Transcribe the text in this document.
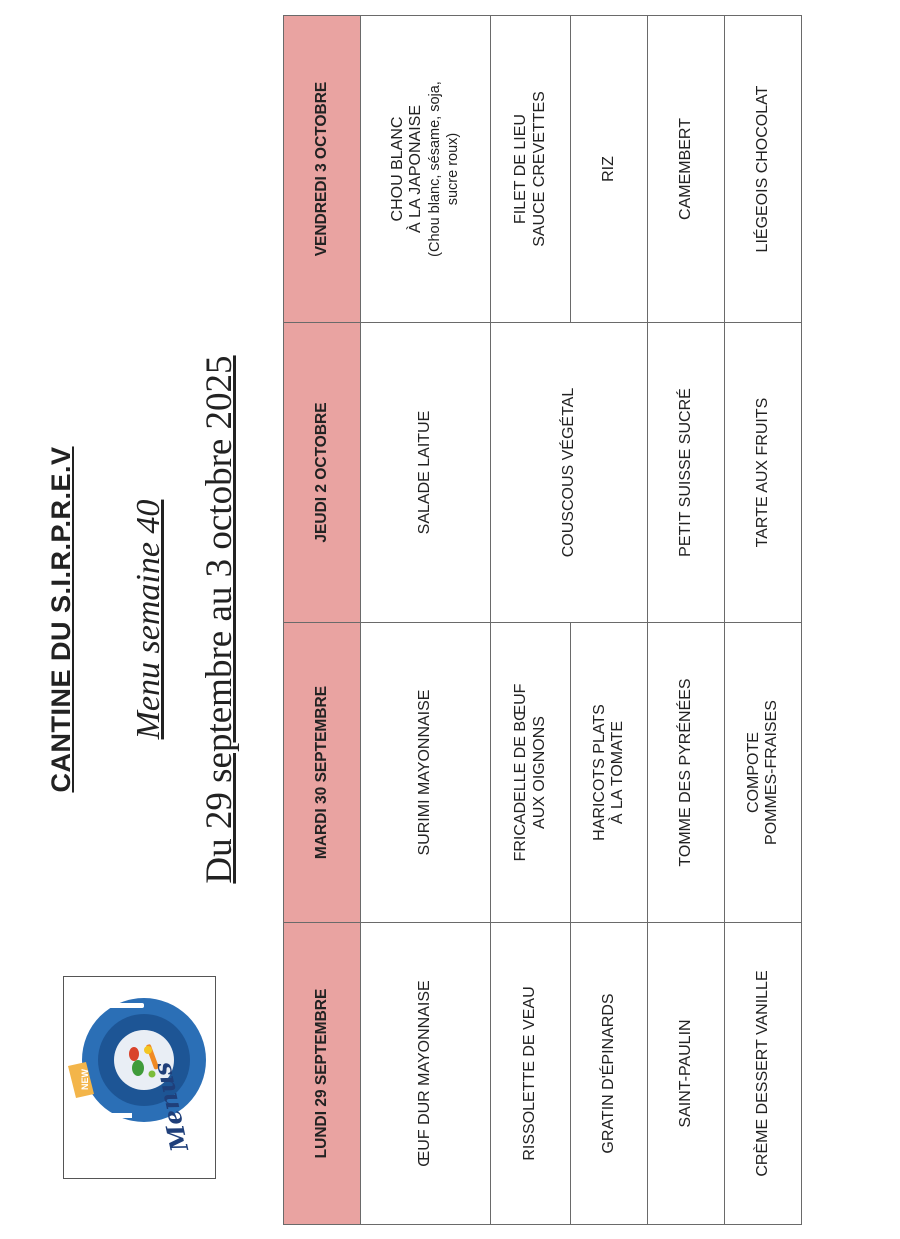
NEW Menus
CANTINE DU S.I.R.P.R.E.V Menu semaine 40 Du 29 septembre au 3 octobre 2025
LUNDI 29 SEPTEMBRE	MARDI 30 SEPTEMBRE	JEUDI 2 OCTOBRE	VENDREDI 3 OCTOBRE
ŒUF DUR MAYONNAISE	SURIMI MAYONNAISE	SALADE LAITUE	CHOU BLANC
À LA JAPONAISE (Chou blanc, sésame, soja, sucre roux)
RISSOLETTE DE VEAU	FRICADELLE DE BŒUF
AUX OIGNONS	COUSCOUS VÉGÉTAL	FILET DE LIEU
SAUCE CREVETTES
GRATIN D'ÉPINARDS	HARICOTS PLATS
À LA TOMATE		RIZ
SAINT-PAULIN	TOMME DES PYRÉNÉES	PETIT SUISSE SUCRÉ	CAMEMBERT
CRÈME DESSERT VANILLE	COMPOTE
POMMES-FRAISES	TARTE AUX FRUITS	LIÉGEOIS CHOCOLAT
